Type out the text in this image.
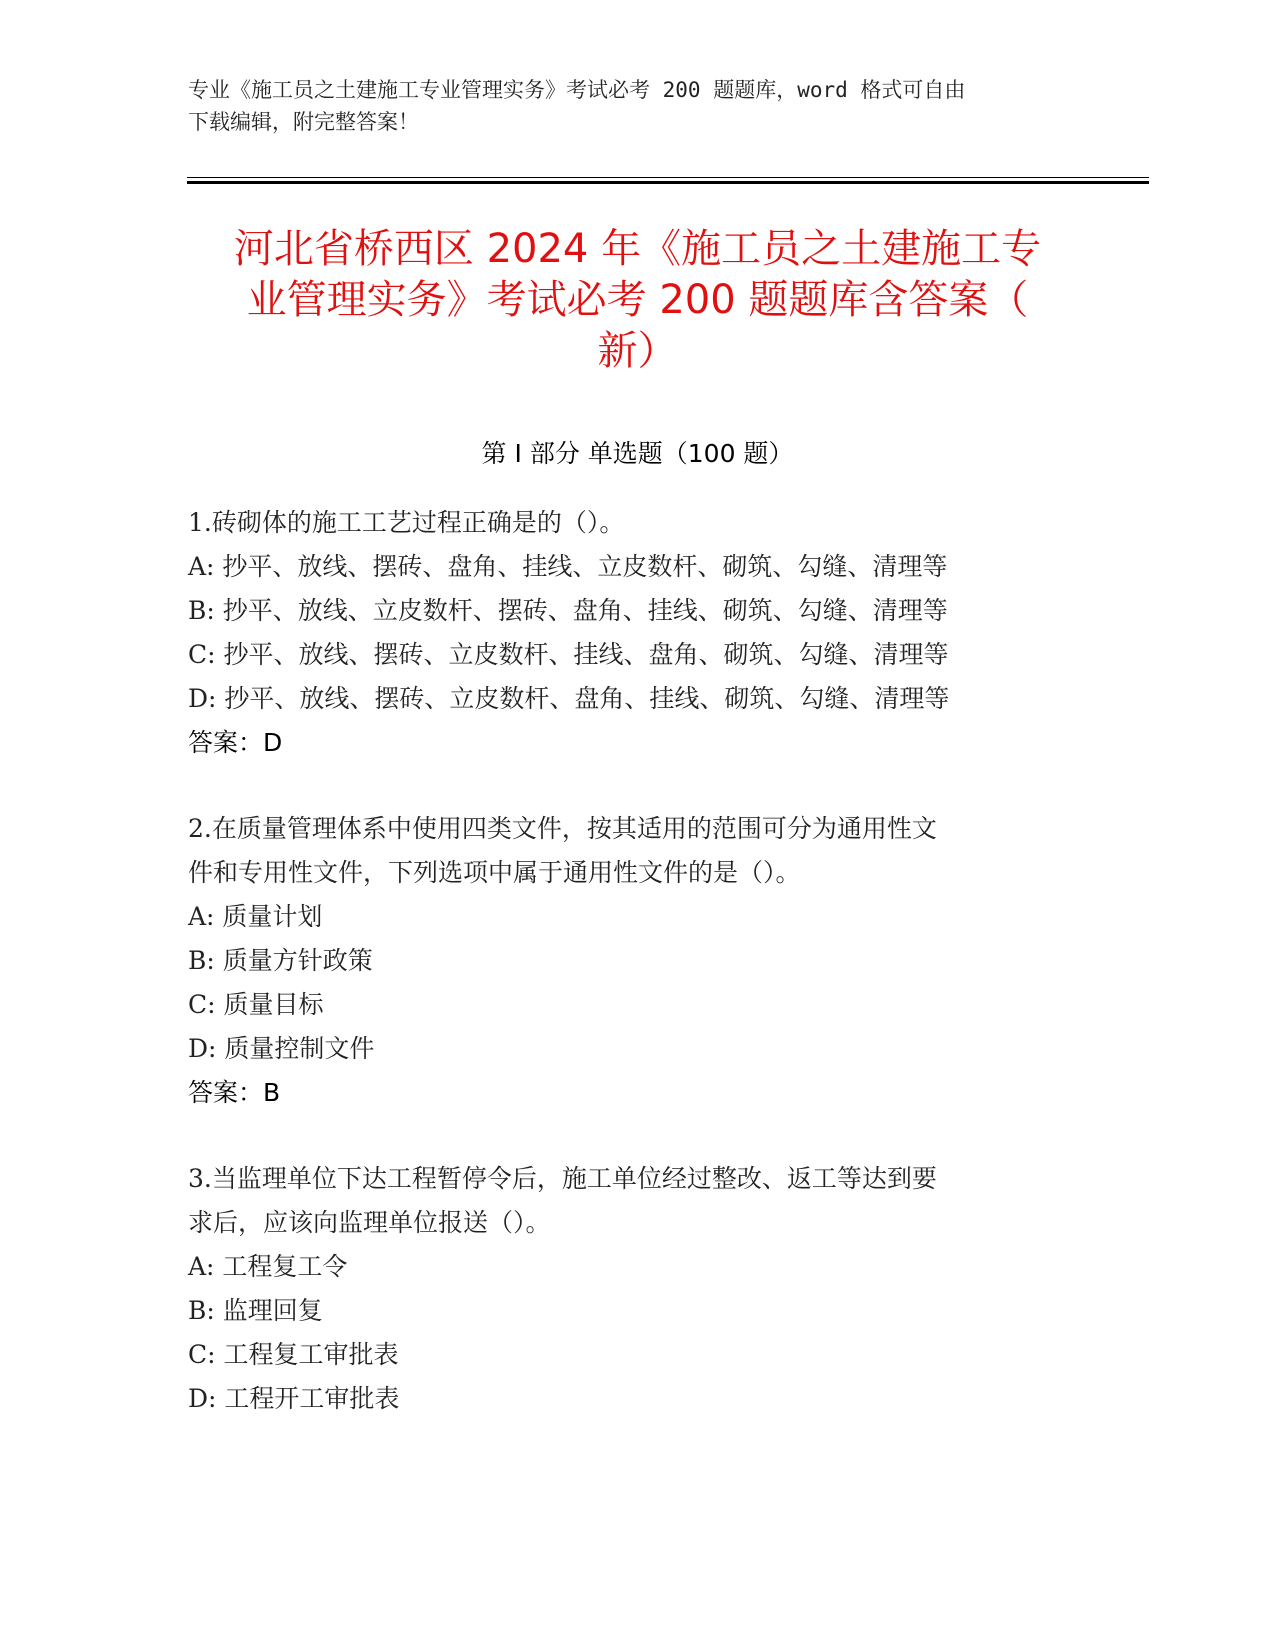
专业《施工员之土建施工专业管理实务》考试必考 200 题题库，word 格式可自由
下载编辑，附完整答案！
河北省桥西区 2024 年《施工员之土建施工专
业管理实务》考试必考 200 题题库含答案（
新）
第 I 部分 单选题（100 题）
1.砖砌体的施工工艺过程正确是的（）。
A: 抄平、放线、摆砖、盘角、挂线、立皮数杆、砌筑、勾缝、清理等
B: 抄平、放线、立皮数杆、摆砖、盘角、挂线、砌筑、勾缝、清理等
C: 抄平、放线、摆砖、立皮数杆、挂线、盘角、砌筑、勾缝、清理等
D: 抄平、放线、摆砖、立皮数杆、盘角、挂线、砌筑、勾缝、清理等
答案：D
2.在质量管理体系中使用四类文件，按其适用的范围可分为通用性文
件和专用性文件，下列选项中属于通用性文件的是（）。
A: 质量计划
B: 质量方针政策
C: 质量目标
D: 质量控制文件
答案：B
3.当监理单位下达工程暂停令后，施工单位经过整改、返工等达到要
求后，应该向监理单位报送（）。
A: 工程复工令
B: 监理回复
C: 工程复工审批表
D: 工程开工审批表
